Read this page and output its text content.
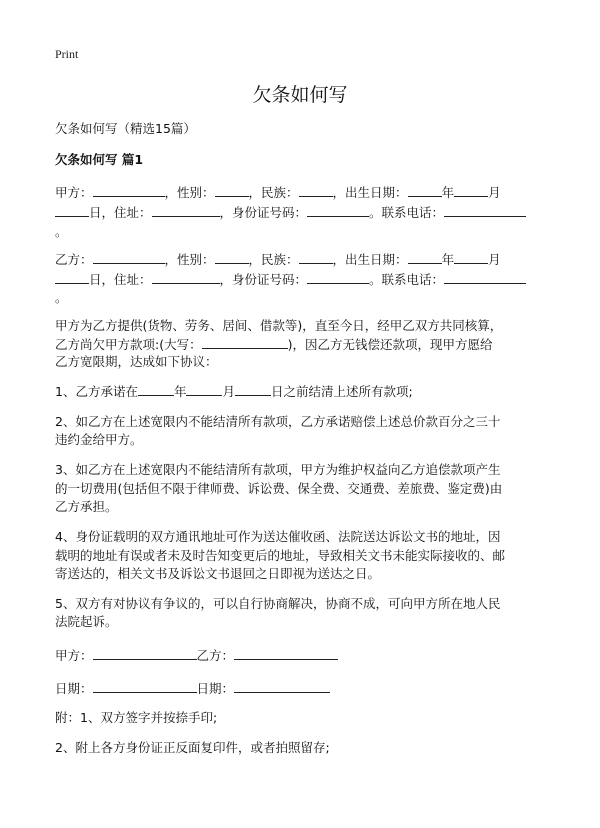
Print
欠条如何写
欠条如何写（精选15篇）
欠条如何写 篇1
甲方：	，性别：	，民族：	，出生日期：	年	月
日，住址：	，身份证号码：	。联系电话：
。
乙方：	，性别：	，民族：	，出生日期：	年	月
日，住址：	，身份证号码：	。联系电话：
。
甲方为乙方提供(货物、劳务、居间、借款等)，直至今日，经甲乙双方共同核算，
乙方尚欠甲方款项:(大写：	)，因乙方无钱偿还款项，现甲方愿给
乙方宽限期，达成如下协议：
1、乙方承诺在	年	月	日之前结清上述所有款项;
2、如乙方在上述宽限内不能结清所有款项，乙方承诺赔偿上述总价款百分之三十
违约金给甲方。
3、如乙方在上述宽限内不能结清所有款项，甲方为维护权益向乙方追偿款项产生
的一切费用(包括但不限于律师费、诉讼费、保全费、交通费、差旅费、鉴定费)由
乙方承担。
4、身份证载明的双方通讯地址可作为送达催收函、法院送达诉讼文书的地址，因
载明的地址有误或者未及时告知变更后的地址，导致相关文书未能实际接收的、邮
寄送达的，相关文书及诉讼文书退回之日即视为送达之日。
5、双方有对协议有争议的，可以自行协商解决，协商不成，可向甲方所在地人民
法院起诉。
甲方：	乙方：
日期：	日期：
附：1、双方签字并按捺手印;
2、附上各方身份证正反面复印件，或者拍照留存;
